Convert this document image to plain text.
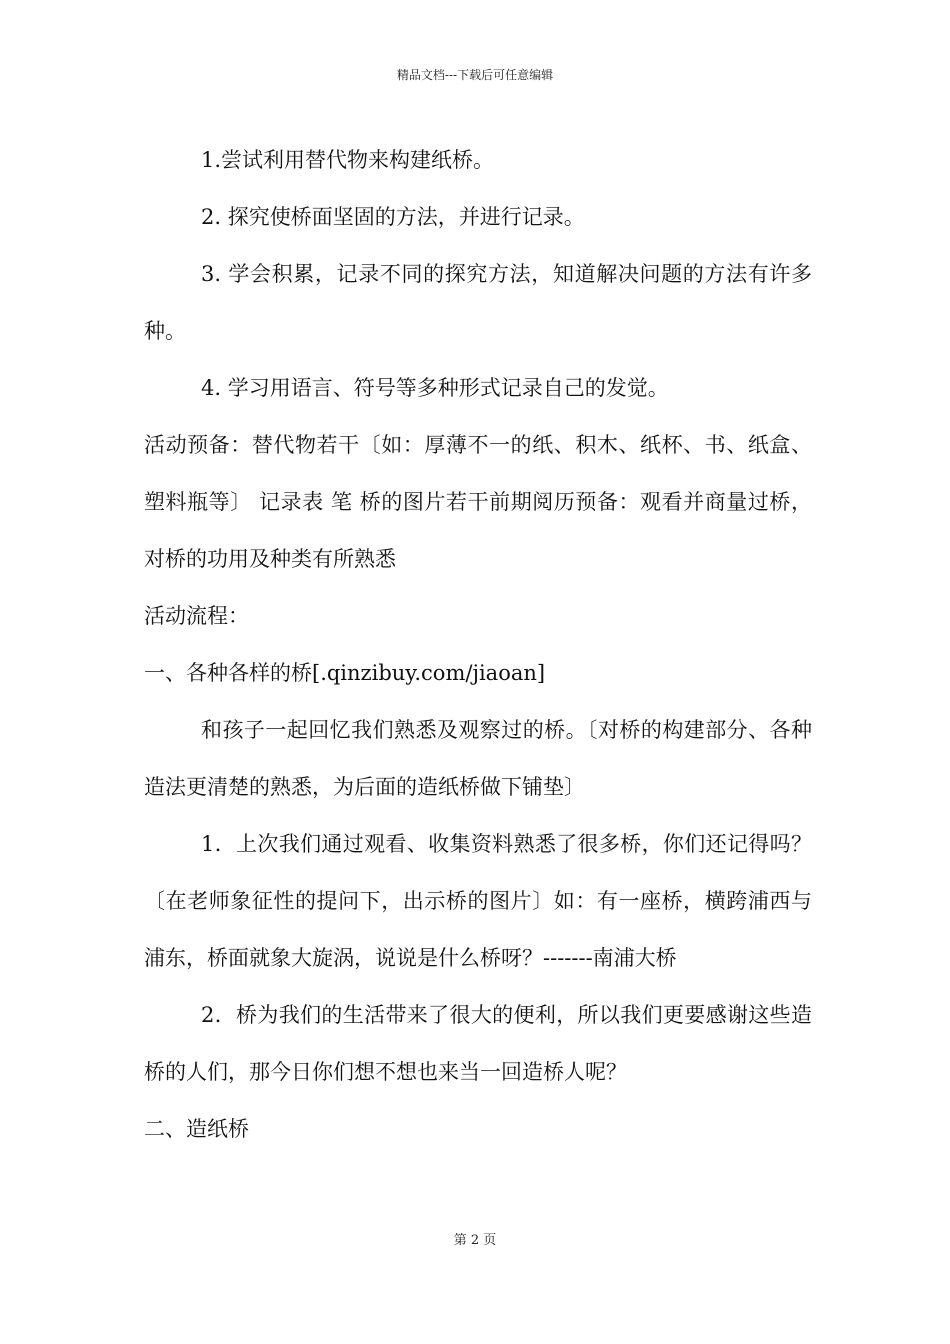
精品文档---下载后可任意编辑

1.尝试利用替代物来构建纸桥。

2. 探究使桥面坚固的方法，并进行记录。

3. 学会积累，记录不同的探究方法，知道解决问题的方法有许多种。

4. 学习用语言、符号等多种形式记录自己的发觉。

活动预备：替代物若干〔如：厚薄不一的纸、积木、纸杯、书、纸盒、塑料瓶等〕 记录表 笔 桥的图片若干前期阅历预备：观看并商量过桥，对桥的功用及种类有所熟悉

活动流程：

一、各种各样的桥[.qinzibuy.com/jiaoan]

和孩子一起回忆我们熟悉及观察过的桥。〔对桥的构建部分、各种造法更清楚的熟悉，为后面的造纸桥做下铺垫〕

1．上次我们通过观看、收集资料熟悉了很多桥，你们还记得吗？〔在老师象征性的提问下，出示桥的图片〕如：有一座桥，横跨浦西与浦东，桥面就象大旋涡，说说是什么桥呀？-------南浦大桥

2．桥为我们的生活带来了很大的便利，所以我们更要感谢这些造桥的人们，那今日你们想不想也来当一回造桥人呢？

二、造纸桥

第 2 页
